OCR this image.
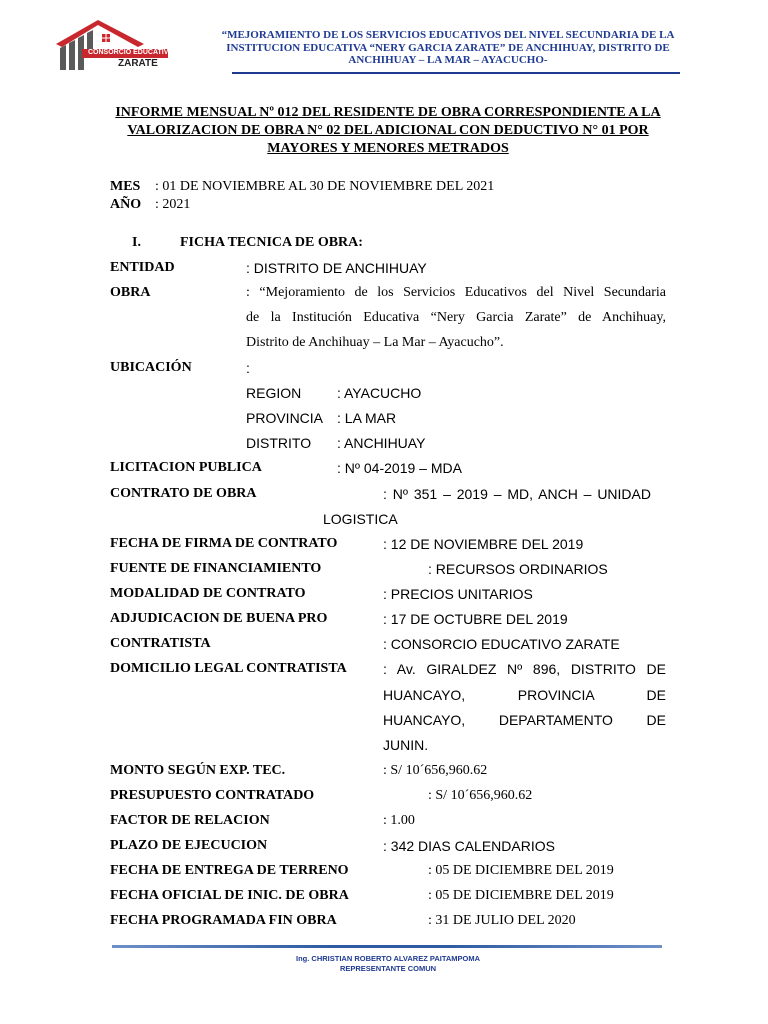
CONSORCIO EDUCATIVO
ZARATE
“MEJORAMIENTO DE LOS SERVICIOS EDUCATIVOS DEL NIVEL SECUNDARIA DE LA
INSTITUCION EDUCATIVA “NERY GARCIA ZARATE” DE ANCHIHUAY, DISTRITO DE
ANCHIHUAY – LA MAR – AYACUCHO-
INFORME MENSUAL Nº 012 DEL RESIDENTE DE OBRA CORRESPONDIENTE A LA
VALORIZACION DE OBRA N° 02 DEL ADICIONAL CON DEDUCTIVO N° 01 POR
MAYORES Y MENORES METRADOS
MES : 01 DE NOVIEMBRE AL 30 DE NOVIEMBRE DEL 2021
AÑO : 2021
I.	FICHA TECNICA DE OBRA:
ENTIDAD	: DISTRITO DE ANCHIHUAY
OBRA	: “Mejoramiento de los Servicios Educativos del Nivel Secundaria
de la Institución Educativa “Nery Garcia Zarate” de Anchihuay,
Distrito de Anchihuay – La Mar – Ayacucho”.
UBICACIÓN	:
REGION	: AYACUCHO
PROVINCIA : LA MAR
DISTRITO : ANCHIHUAY
LICITACION PUBLICA	: Nº 04-2019 – MDA
CONTRATO DE OBRA	: Nº 351 – 2019 – MD, ANCH – UNIDAD
LOGISTICA
FECHA DE FIRMA DE CONTRATO	: 12 DE NOVIEMBRE DEL 2019
FUENTE DE FINANCIAMIENTO	: RECURSOS ORDINARIOS
MODALIDAD DE CONTRATO	: PRECIOS UNITARIOS
ADJUDICACION DE BUENA PRO	: 17 DE OCTUBRE DEL 2019
CONTRATISTA	: CONSORCIO EDUCATIVO ZARATE
DOMICILIO LEGAL CONTRATISTA	: Av. GIRALDEZ Nº 896, DISTRITO DE
HUANCAYO, PROVINCIA DE
HUANCAYO, DEPARTAMENTO DE
JUNIN.
MONTO SEGÚN EXP. TEC.	: S/ 10´656,960.62
PRESUPUESTO CONTRATADO	: S/ 10´656,960.62
FACTOR DE RELACION	: 1.00
PLAZO DE EJECUCION	: 342 DIAS CALENDARIOS
FECHA DE ENTREGA DE TERRENO	: 05 DE DICIEMBRE DEL 2019
FECHA OFICIAL DE INIC. DE OBRA	: 05 DE DICIEMBRE DEL 2019
FECHA PROGRAMADA FIN OBRA	: 31 DE JULIO DEL 2020
Ing. CHRISTIAN ROBERTO ALVAREZ PAITAMPOMA
REPRESENTANTE COMUN
